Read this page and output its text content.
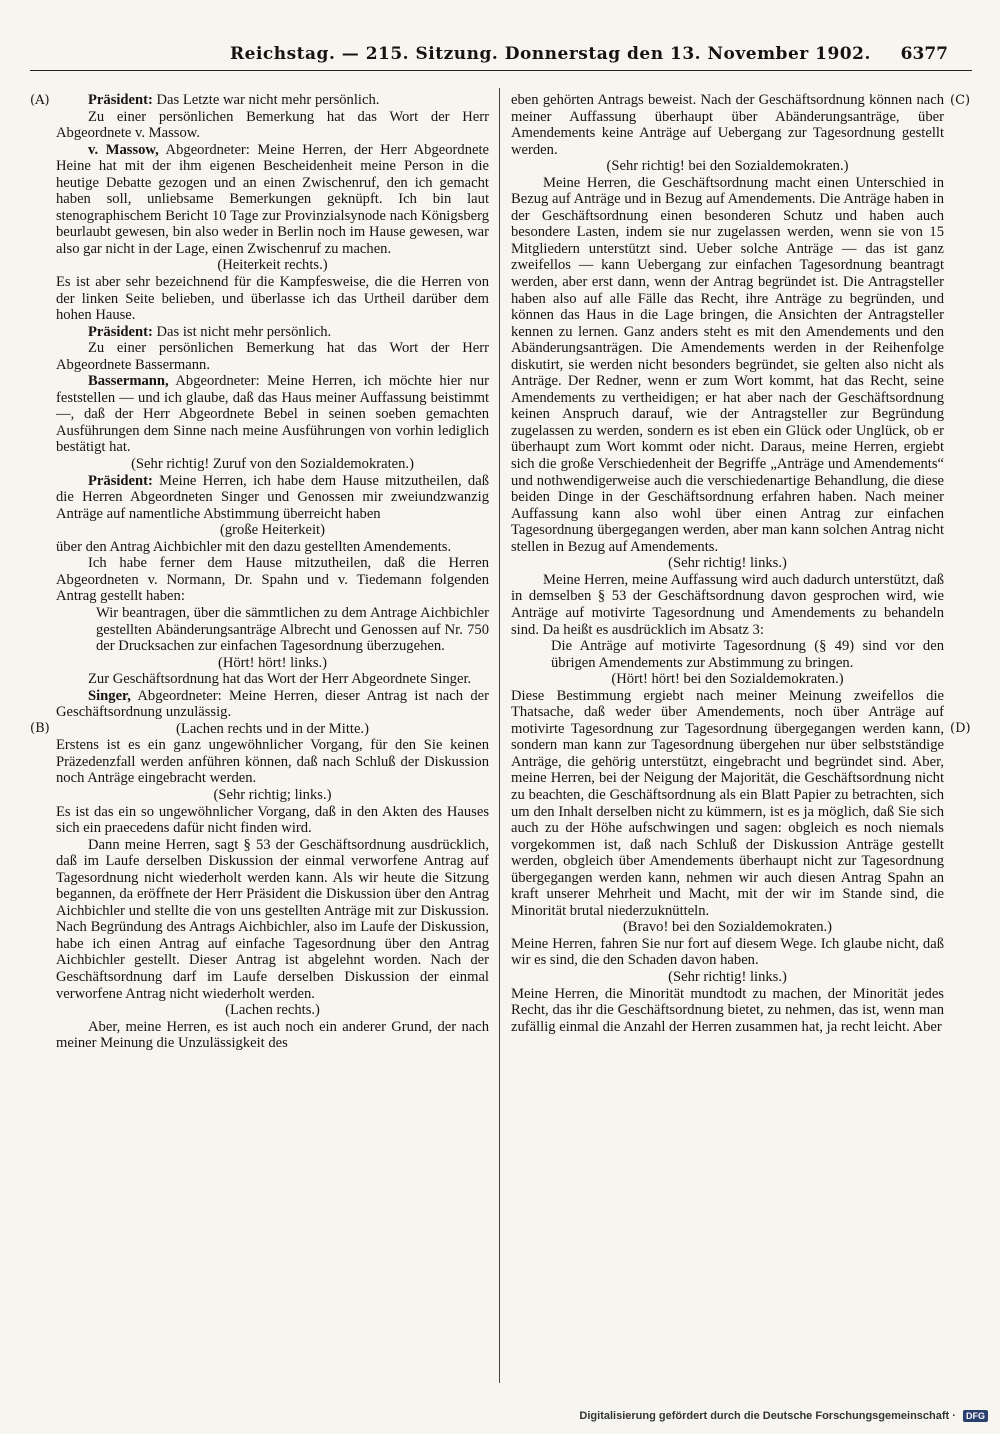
Reichstag. — 215. Sitzung. Donnerstag den 13. November 1902. 6377
(A)
(B)
(C)
(D)

Präsident: Das Letzte war nicht mehr persönlich.

Zu einer persönlichen Bemerkung hat das Wort der Herr Abgeordnete v. Massow.

v. Massow, Abgeordneter: Meine Herren, der Herr Abgeordnete Heine hat mit der ihm eigenen Bescheidenheit meine Person in die heutige Debatte gezogen und an einen Zwischenruf, den ich gemacht haben soll, unliebsame Bemerkungen geknüpft. Ich bin laut stenographischem Bericht 10 Tage zur Provinzialsynode nach Königsberg beurlaubt gewesen, bin also weder in Berlin noch im Hause gewesen, war also gar nicht in der Lage, einen Zwischenruf zu machen.

(Heiterkeit rechts.)

Es ist aber sehr bezeichnend für die Kampfesweise, die die Herren von der linken Seite belieben, und überlasse ich das Urtheil darüber dem hohen Hause.

Präsident: Das ist nicht mehr persönlich.

Zu einer persönlichen Bemerkung hat das Wort der Herr Abgeordnete Bassermann.

Bassermann, Abgeordneter: Meine Herren, ich möchte hier nur feststellen — und ich glaube, daß das Haus meiner Auffassung beistimmt —, daß der Herr Abgeordnete Bebel in seinen soeben gemachten Ausführungen dem Sinne nach meine Ausführungen von vorhin lediglich bestätigt hat.

(Sehr richtig! Zuruf von den Sozialdemokraten.)

Präsident: Meine Herren, ich habe dem Hause mitzutheilen, daß die Herren Abgeordneten Singer und Genossen mir zweiundzwanzig Anträge auf namentliche Abstimmung überreicht haben

(große Heiterkeit)

über den Antrag Aichbichler mit den dazu gestellten Amendements.

Ich habe ferner dem Hause mitzutheilen, daß die Herren Abgeordneten v. Normann, Dr. Spahn und v. Tiedemann folgenden Antrag gestellt haben:

Wir beantragen, über die sämmtlichen zu dem Antrage Aichbichler gestellten Abänderungsanträge Albrecht und Genossen auf Nr. 750 der Drucksachen zur einfachen Tagesordnung überzugehen.

(Hört! hört! links.)

Zur Geschäftsordnung hat das Wort der Herr Abgeordnete Singer.

Singer, Abgeordneter: Meine Herren, dieser Antrag ist nach der Geschäftsordnung unzulässig.

(Lachen rechts und in der Mitte.)

Erstens ist es ein ganz ungewöhnlicher Vorgang, für den Sie keinen Präzedenzfall werden anführen können, daß nach Schluß der Diskussion noch Anträge eingebracht werden.

(Sehr richtig; links.)

Es ist das ein so ungewöhnlicher Vorgang, daß in den Akten des Hauses sich ein praecedens dafür nicht finden wird.

Dann meine Herren, sagt § 53 der Geschäftsordnung ausdrücklich, daß im Laufe derselben Diskussion der einmal verworfene Antrag auf Tagesordnung nicht wiederholt werden kann. Als wir heute die Sitzung begannen, da eröffnete der Herr Präsident die Diskussion über den Antrag Aichbichler und stellte die von uns gestellten Anträge mit zur Diskussion. Nach Begründung des Antrags Aichbichler, also im Laufe der Diskussion, habe ich einen Antrag auf einfache Tagesordnung über den Antrag Aichbichler gestellt. Dieser Antrag ist abgelehnt worden. Nach der Geschäftsordnung darf im Laufe derselben Diskussion der einmal verworfene Antrag nicht wiederholt werden.

(Lachen rechts.)

Aber, meine Herren, es ist auch noch ein anderer Grund, der nach meiner Meinung die Unzulässigkeit des

eben gehörten Antrags beweist. Nach der Geschäftsordnung können nach meiner Auffassung überhaupt über Abänderungsanträge, über Amendements keine Anträge auf Uebergang zur Tagesordnung gestellt werden.

(Sehr richtig! bei den Sozialdemokraten.)

Meine Herren, die Geschäftsordnung macht einen Unterschied in Bezug auf Anträge und in Bezug auf Amendements. Die Anträge haben in der Geschäftsordnung einen besonderen Schutz und haben auch besondere Lasten, indem sie nur zugelassen werden, wenn sie von 15 Mitgliedern unterstützt sind. Ueber solche Anträge — das ist ganz zweifellos — kann Uebergang zur einfachen Tagesordnung beantragt werden, aber erst dann, wenn der Antrag begründet ist. Die Antragsteller haben also auf alle Fälle das Recht, ihre Anträge zu begründen, und können das Haus in die Lage bringen, die Ansichten der Antragsteller kennen zu lernen. Ganz anders steht es mit den Amendements und den Abänderungsanträgen. Die Amendements werden in der Reihenfolge diskutirt, sie werden nicht besonders begründet, sie gelten also nicht als Anträge. Der Redner, wenn er zum Wort kommt, hat das Recht, seine Amendements zu vertheidigen; er hat aber nach der Geschäftsordnung keinen Anspruch darauf, wie der Antragsteller zur Begründung zugelassen zu werden, sondern es ist eben ein Glück oder Unglück, ob er überhaupt zum Wort kommt oder nicht. Daraus, meine Herren, ergiebt sich die große Verschiedenheit der Begriffe „Anträge und Amendements“ und nothwendigerweise auch die verschiedenartige Behandlung, die diese beiden Dinge in der Geschäftsordnung erfahren haben. Nach meiner Auffassung kann also wohl über einen Antrag zur einfachen Tagesordnung übergegangen werden, aber man kann solchen Antrag nicht stellen in Bezug auf Amendements.

(Sehr richtig! links.)

Meine Herren, meine Auffassung wird auch dadurch unterstützt, daß in demselben § 53 der Geschäftsordnung davon gesprochen wird, wie Anträge auf motivirte Tagesordnung und Amendements zu behandeln sind. Da heißt es ausdrücklich im Absatz 3:

Die Anträge auf motivirte Tagesordnung (§ 49) sind vor den übrigen Amendements zur Abstimmung zu bringen.

(Hört! hört! bei den Sozialdemokraten.)

Diese Bestimmung ergiebt nach meiner Meinung zweifellos die Thatsache, daß weder über Amendements, noch über Anträge auf motivirte Tagesordnung zur Tagesordnung übergegangen werden kann, sondern man kann zur Tagesordnung übergehen nur über selbstständige Anträge, die gehörig unterstützt, eingebracht und begründet sind. Aber, meine Herren, bei der Neigung der Majorität, die Geschäftsordnung nicht zu beachten, die Geschäftsordnung als ein Blatt Papier zu betrachten, sich um den Inhalt derselben nicht zu kümmern, ist es ja möglich, daß Sie sich auch zu der Höhe aufschwingen und sagen: obgleich es noch niemals vorgekommen ist, daß nach Schluß der Diskussion Anträge gestellt werden, obgleich über Amendements überhaupt nicht zur Tagesordnung übergegangen werden kann, nehmen wir auch diesen Antrag Spahn an kraft unserer Mehrheit und Macht, mit der wir im Stande sind, die Minorität brutal niederzuknütteln.

(Bravo! bei den Sozialdemokraten.)

Meine Herren, fahren Sie nur fort auf diesem Wege. Ich glaube nicht, daß wir es sind, die den Schaden davon haben.

(Sehr richtig! links.)

Meine Herren, die Minorität mundtodt zu machen, der Minorität jedes Recht, das ihr die Geschäftsordnung bietet, zu nehmen, das ist, wenn man zufällig einmal die Anzahl der Herren zusammen hat, ja recht leicht. Aber

Digitalisierung gefördert durch die Deutsche Forschungsgemeinschaft · DFG
